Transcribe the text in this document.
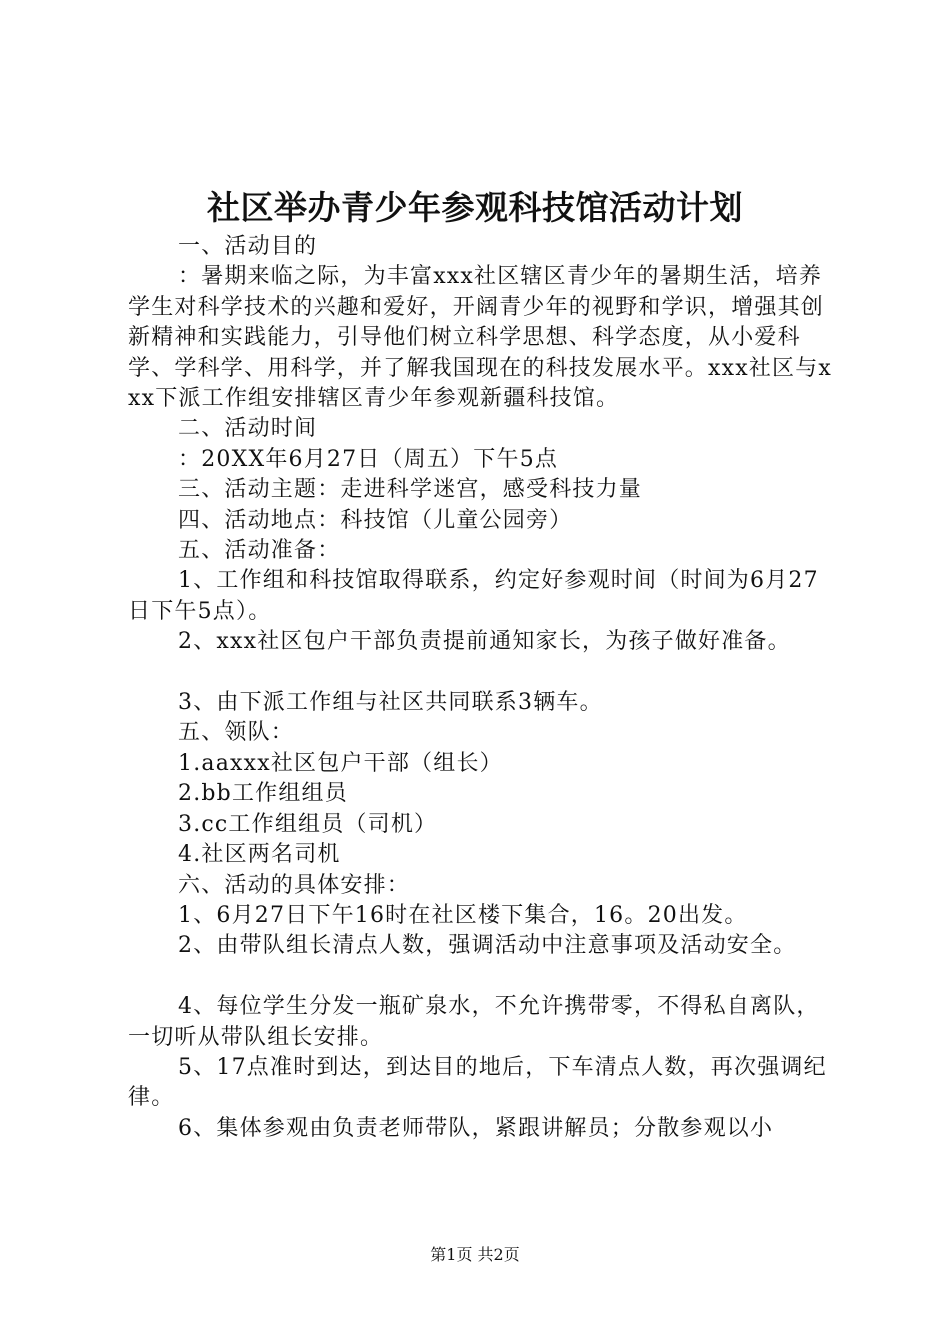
社区举办青少年参观科技馆活动计划

一、活动目的

：暑期来临之际，为丰富xxx社区辖区青少年的暑期生活，培养学生对科学技术的兴趣和爱好，开阔青少年的视野和学识，增强其创新精神和实践能力，引导他们树立科学思想、科学态度，从小爱科学、学科学、用科学，并了解我国现在的科技发展水平。xxx社区与xxx下派工作组安排辖区青少年参观新疆科技馆。

二、活动时间

：20XX年6月27日（周五）下午5点

三、活动主题：走进科学迷宫，感受科技力量

四、活动地点：科技馆（儿童公园旁）

五、活动准备：

1、工作组和科技馆取得联系，约定好参观时间（时间为6月27日下午5点）。

2、xxx社区包户干部负责提前通知家长，为孩子做好准备。

3、由下派工作组与社区共同联系3辆车。

五、领队：

1.aaxxx社区包户干部（组长）

2.bb工作组组员

3.cc工作组组员（司机）

4.社区两名司机

六、活动的具体安排：

1、6月27日下午16时在社区楼下集合，16。20出发。

2、由带队组长清点人数，强调活动中注意事项及活动安全。

4、每位学生分发一瓶矿泉水，不允许携带零，不得私自离队，一切听从带队组长安排。

5、17点准时到达，到达目的地后，下车清点人数，再次强调纪律。

6、集体参观由负责老师带队，紧跟讲解员；分散参观以小

第1页 共2页
